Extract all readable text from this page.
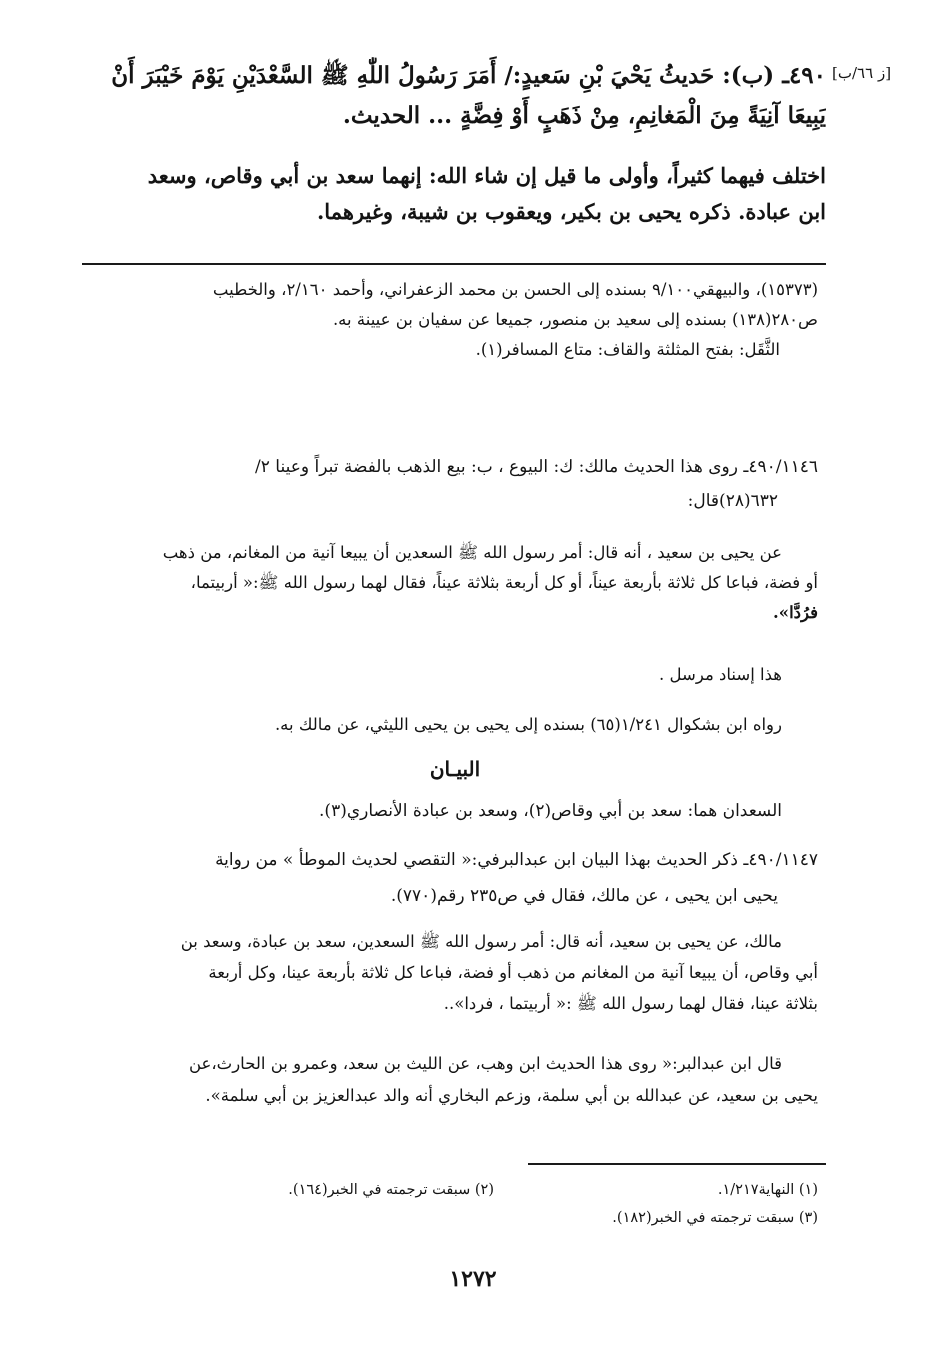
[ز ٦٦/ب]
٤٩٠ـ (ب): حَديثُ يَحْيَ بْنِ سَعيدٍ:/ أَمَرَ رَسُولُ اللّٰهِ ﷺ السَّعْدَيْنِ يَوْمَ خَيْبَرَ أَنْ
يَبِيعَا آنِيَةً مِنَ الْمَغانِمِ، مِنْ ذَهَبٍ أَوْ فِضَّةٍ ... الحديث.
اختلف فيهما كثيراً، وأولى ما قيل إن شاء الله: إنهما سعد بن أبي وقاص، وسعد
ابن عبادة. ذكره يحيى بن بكير، ويعقوب بن شيبة، وغيرهما.
(١٥٣٧٣)، والبيهقي٩/١٠٠ بسنده إلى الحسن بن محمد الزعفراني، وأحمد ٢/١٦٠، والخطيب
ص٢٨٠(١٣٨) بسنده إلى سعيد بن منصور، جميعا عن سفيان بن عيينة به.
الثَّقَل: بفتح المثلثة والقاف: متاع المسافر(١).
٤٩٠/١١٤٦ـ روى هذا الحديث مالك: ك: البيوع ، ب: بيع الذهب بالفضة تبراً وعينا ٢/
٦٣٢(٢٨)قال:
عن يحيى بن سعيد ، أنه قال: أمر رسول الله ﷺ السعدين أن يبيعا آنية من المغانم، من ذهب
أو فضة، فباعا كل ثلاثة بأربعة عيناً، أو كل أربعة بثلاثة عيناً، فقال لهما رسول الله ﷺ:« أربيتما،
فرُدَّا».
هذا إسناد مرسل .
رواه ابن بشكوال ١/٢٤١(٦٥) بسنده إلى يحيى بن يحيى الليثي، عن مالك به.
البيـان
السعدان هما: سعد بن أبي وقاص(٢)، وسعد بن عبادة الأنصاري(٣).
٤٩٠/١١٤٧ـ ذكر الحديث بهذا البيان ابن عبدالبرفي:« التقصي لحديث الموطأ » من رواية
يحيى ابن يحيى ، عن مالك، فقال في ص٢٣٥ رقم(٧٧٠).
مالك، عن يحيى بن سعيد، أنه قال: أمر رسول الله ﷺ السعدين، سعد بن عبادة، وسعد بن
أبي وقاص، أن يبيعا آنية من المغانم من ذهب أو فضة، فباعا كل ثلاثة بأربعة عينا، وكل أربعة
بثلاثة عينا، فقال لهما رسول الله ﷺ :« أربيتما ، فردا»..
قال ابن عبدالبر:« روى هذا الحديث ابن وهب، عن الليث بن سعد، وعمرو بن الحارث،عن
يحيى بن سعيد، عن عبدالله بن أبي سلمة، وزعم البخاري أنه والد عبدالعزيز بن أبي سلمة».
(١) النهاية١/٢١٧.
(٢) سبقت ترجمته في الخبر(١٦٤).
(٣) سبقت ترجمته في الخبر(١٨٢).
١٢٧٢
